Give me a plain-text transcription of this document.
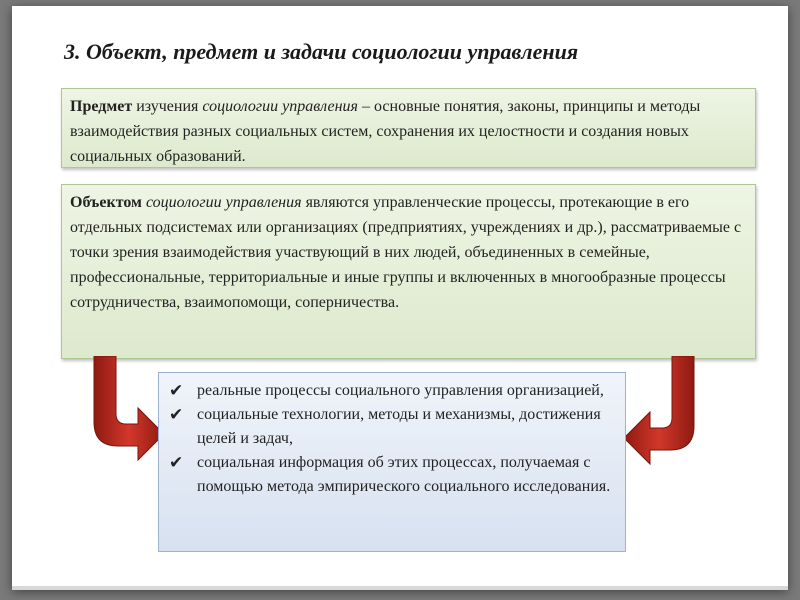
3. Объект, предмет и задачи социологии управления
Предмет изучения социологии управления – основные понятия, законы, принципы и методы взаимодействия разных социальных систем, сохранения их целостности и создания новых социальных образований.
Объектом социологии управления являются управленческие процессы, протекающие в его отдельных подсистемах или организациях (предприятиях, учреждениях и др.), рассматриваемые с точки зрения взаимодействия участвующий в них людей, объединенных в семейные, профессиональные, территориальные и иные группы и включенных в многообразные процессы сотрудничества, взаимопомощи, соперничества.
✔ реальные процессы социального управления организацией,
✔ социальные технологии, методы и механизмы, достижения целей и задач,
✔ социальная информация об этих процессах, получаемая с помощью метода эмпирического социального исследования.
